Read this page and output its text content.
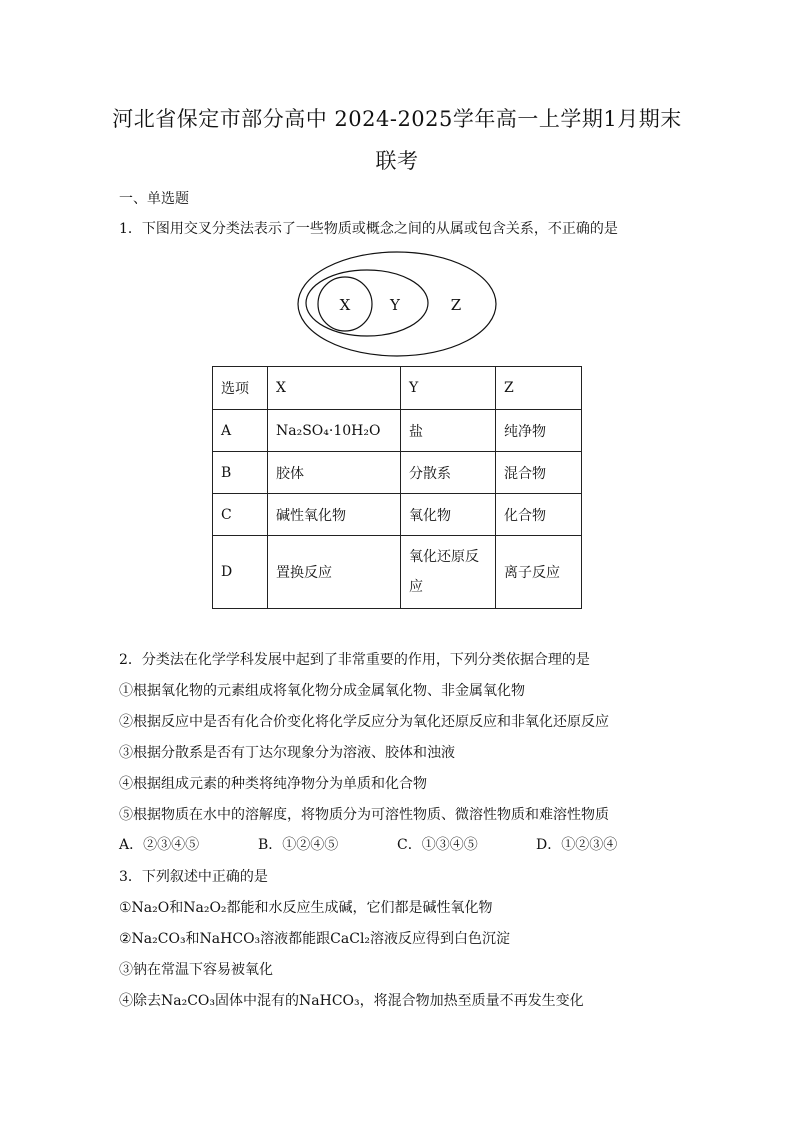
河北省保定市部分高中 2024-2025学年高一上学期1月期末
联考
一、单选题
1．下图用交叉分类法表示了一些物质或概念之间的从属或包含关系，不正确的是
X	Y	Z
选项	X	Y	Z
A	Na₂SO₄·10H₂O	盐	纯净物
B	胶体	分散系	混合物
C	碱性氧化物	氧化物	化合物
D	置换反应	氧化还原反应	离子反应
2．分类法在化学学科发展中起到了非常重要的作用，下列分类依据合理的是
①根据氧化物的元素组成将氧化物分成金属氧化物、非金属氧化物
②根据反应中是否有化合价变化将化学反应分为氧化还原反应和非氧化还原反应
③根据分散系是否有丁达尔现象分为溶液、胶体和浊液
④根据组成元素的种类将纯净物分为单质和化合物
⑤根据物质在水中的溶解度，将物质分为可溶性物质、微溶性物质和难溶性物质
A．②③④⑤	B．①②④⑤	C．①③④⑤	D．①②③④
3．下列叙述中正确的是
①Na₂O和Na₂O₂都能和水反应生成碱，它们都是碱性氧化物
②Na₂CO₃和NaHCO₃溶液都能跟CaCl₂溶液反应得到白色沉淀
③钠在常温下容易被氧化
④除去Na₂CO₃固体中混有的NaHCO₃，将混合物加热至质量不再发生变化
